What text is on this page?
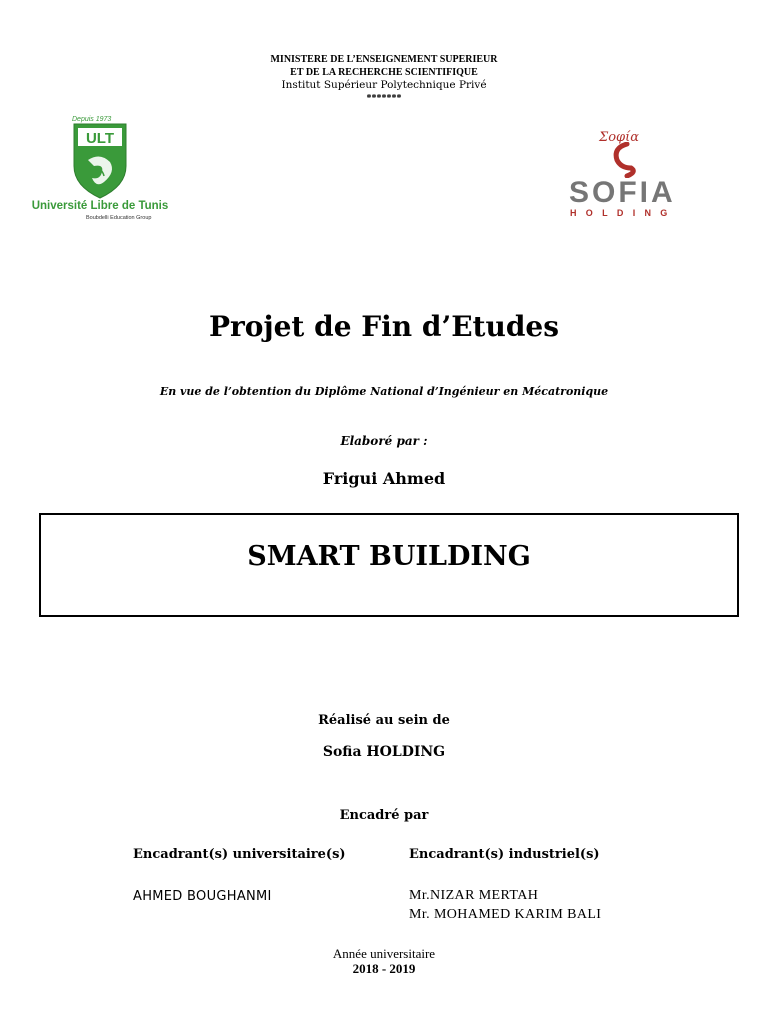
MINISTERE DE L’ENSEIGNEMENT SUPERIEUR
ET DE LA RECHERCHE SCIENTIFIQUE
Institut Supérieur Polytechnique Privé
*******
Depuis 1973
ULT
Université Libre de Tunis
Boubdelli Education Group
Σοφία
SOFIA
HOLDING
Projet de Fin d’Etudes
En vue de l’obtention du Diplôme National d’Ingénieur en Mécatronique
Elaboré par :
Frigui Ahmed
SMART BUILDING
Réalisé au sein de
Sofia HOLDING
Encadré par
Encadrant(s) universitaire(s)	Encadrant(s) industriel(s)
AHMED BOUGHANMI	Mr.NIZAR MERTAH
Mr. MOHAMED KARIM BALI
Année universitaire
2018 - 2019
